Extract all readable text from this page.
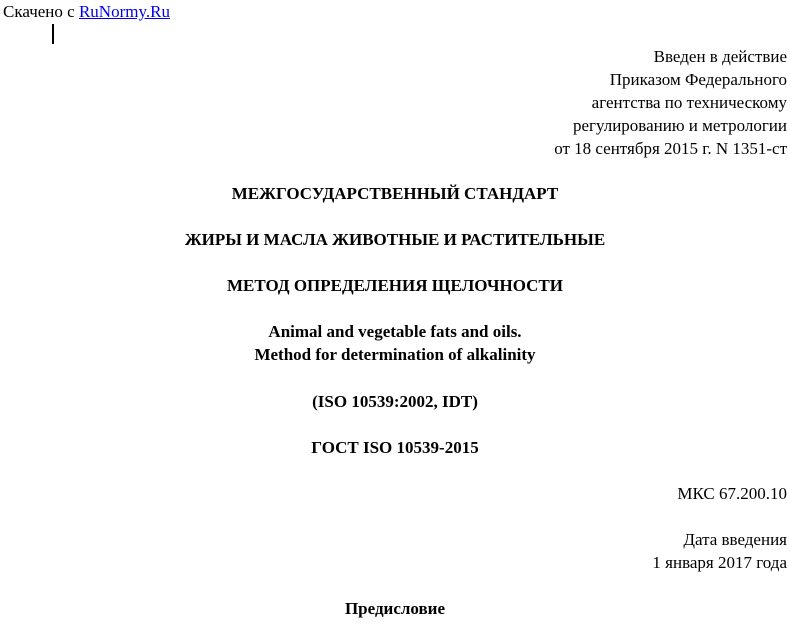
Скачено с RuNormy.Ru
Введен в действие
Приказом Федерального
агентства по техническому
регулированию и метрологии
от 18 сентября 2015 г. N 1351-ст
МЕЖГОСУДАРСТВЕННЫЙ СТАНДАРТ
ЖИРЫ И МАСЛА ЖИВОТНЫЕ И РАСТИТЕЛЬНЫЕ
МЕТОД ОПРЕДЕЛЕНИЯ ЩЕЛОЧНОСТИ
Animal and vegetable fats and oils.
Method for determination of alkalinity
(ISO 10539:2002, IDT)
ГОСТ ISO 10539-2015
МКС 67.200.10
Дата введения
1 января 2017 года
Предисловие
